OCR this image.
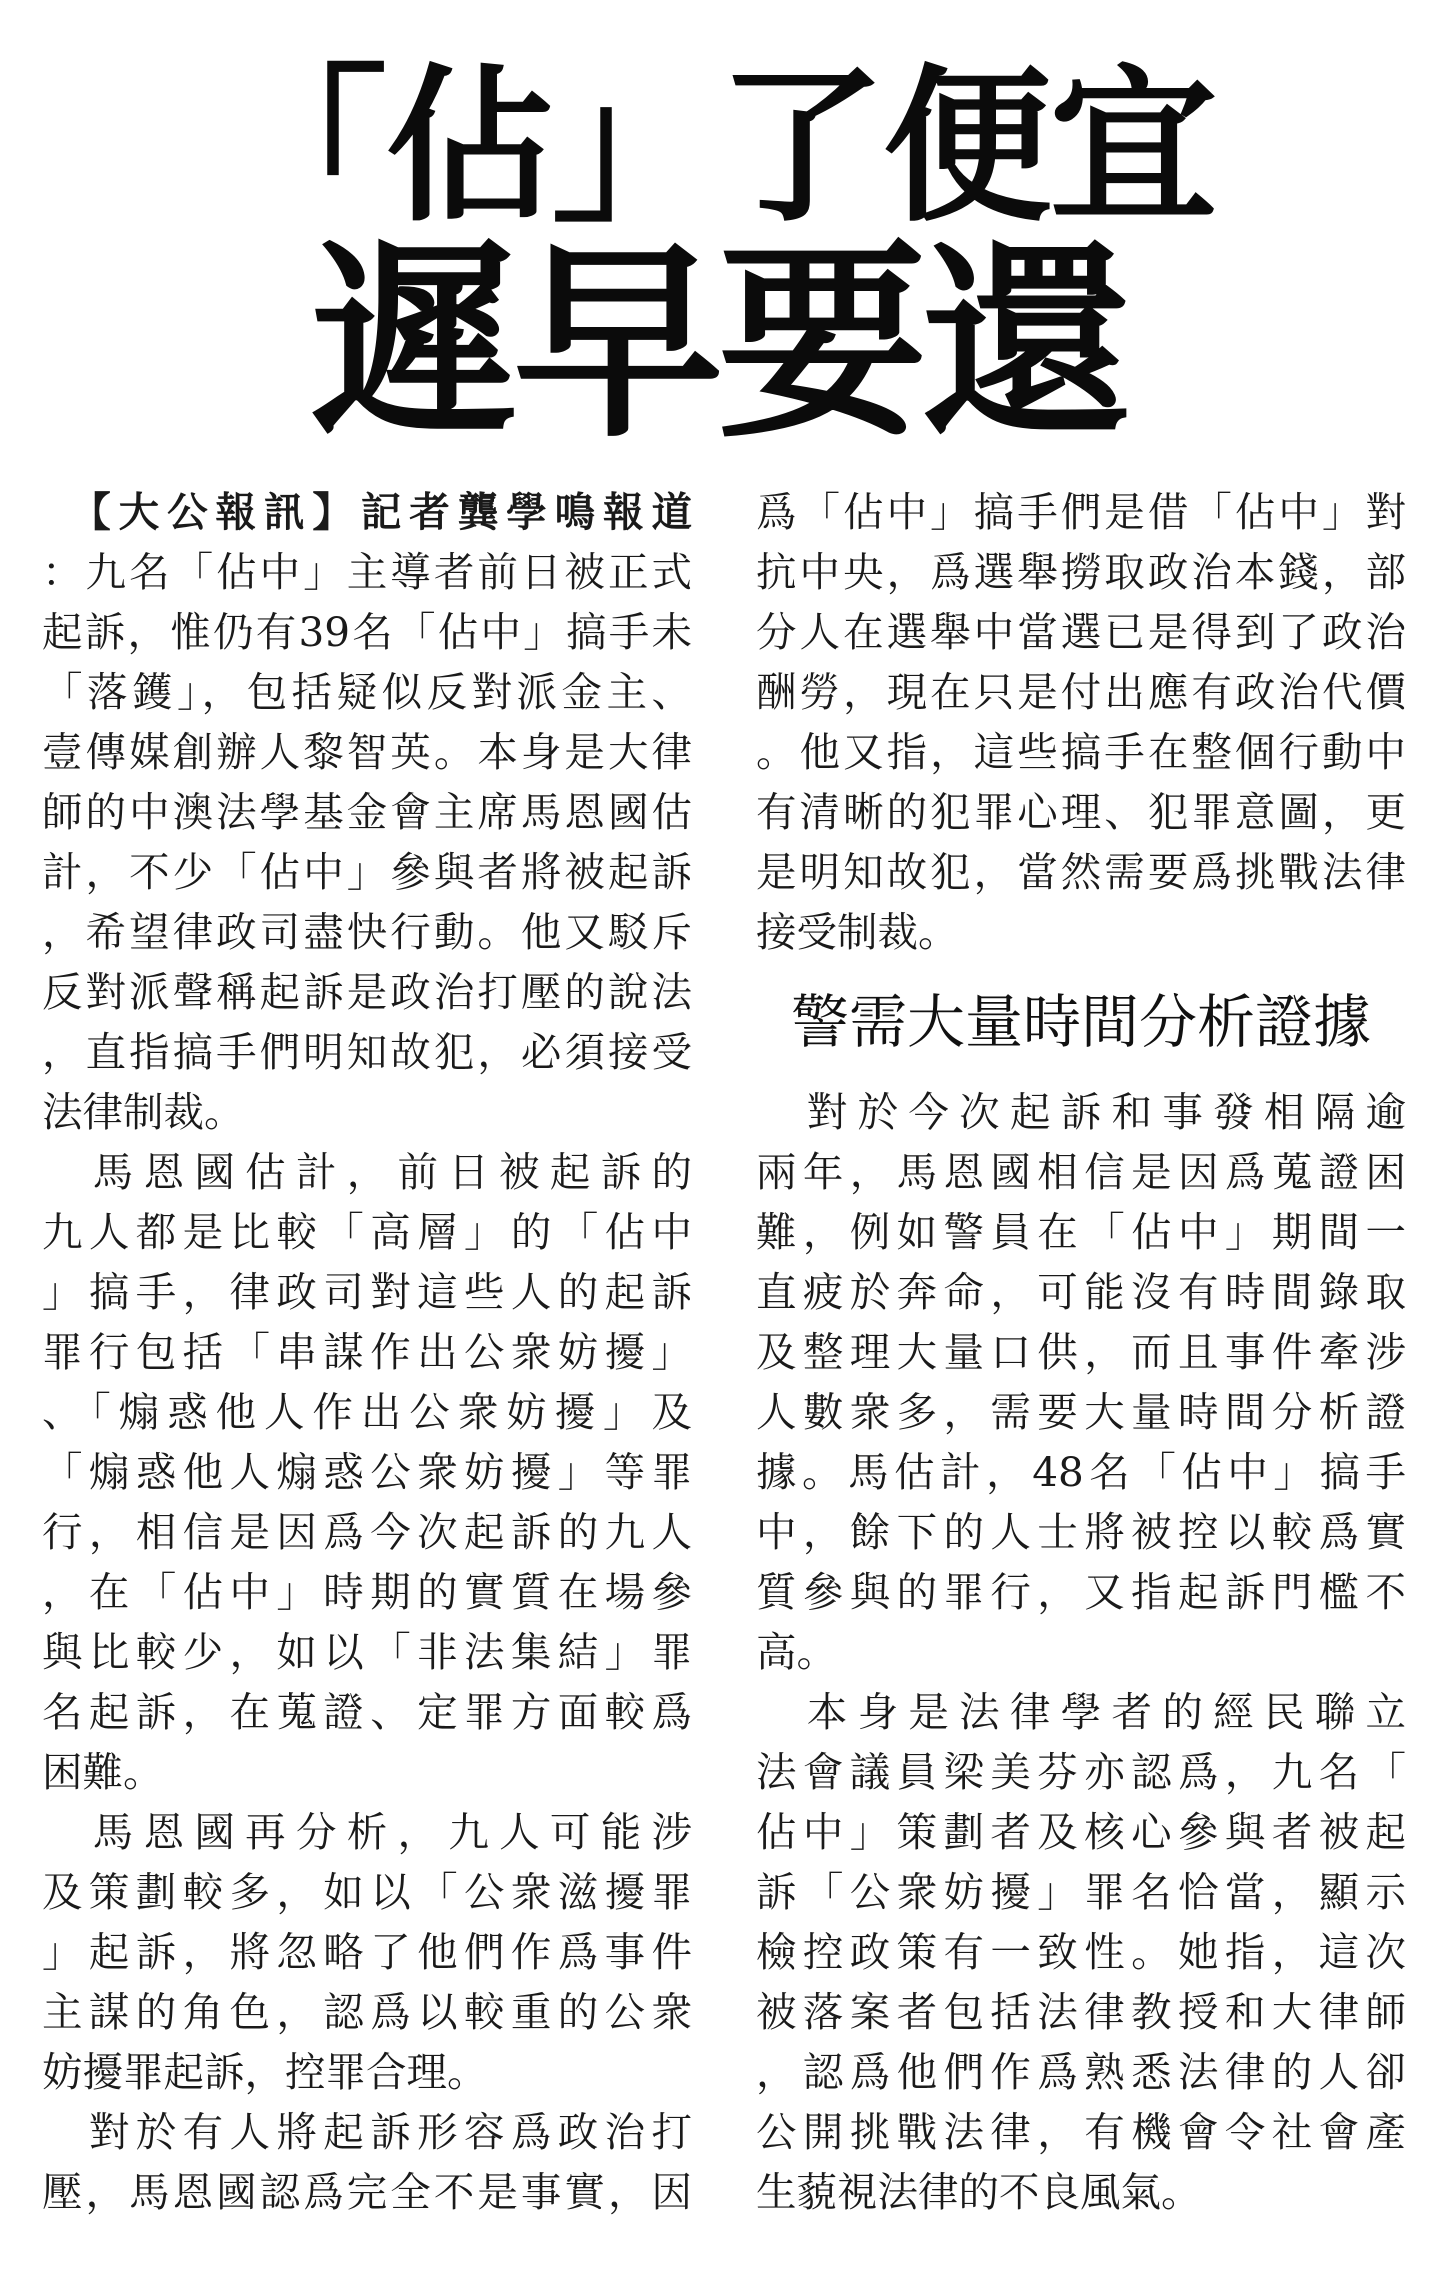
「佔」了便宜
遲早要還
　【大公報訊】記者龔學鳴報道
：九名「佔中」主導者前日被正式
起訴，惟仍有39名「佔中」搞手未
「落鑊」，包括疑似反對派金主、
壹傳媒創辦人黎智英。本身是大律
師的中澳法學基金會主席馬恩國估
計，不少「佔中」參與者將被起訴
，希望律政司盡快行動。他又駁斥
反對派聲稱起訴是政治打壓的說法
，直指搞手們明知故犯，必須接受
法律制裁。
　馬恩國估計，前日被起訴的
九人都是比較「高層」的「佔中
」搞手，律政司對這些人的起訴
罪行包括「串謀作出公衆妨擾」
、「煽惑他人作出公衆妨擾」及
「煽惑他人煽惑公衆妨擾」等罪
行，相信是因爲今次起訴的九人
，在「佔中」時期的實質在場參
與比較少，如以「非法集結」罪
名起訴，在蒐證、定罪方面較爲
困難。
　馬恩國再分析，九人可能涉
及策劃較多，如以「公衆滋擾罪
」起訴，將忽略了他們作爲事件
主謀的角色，認爲以較重的公衆
妨擾罪起訴，控罪合理。
　對於有人將起訴形容爲政治打
壓，馬恩國認爲完全不是事實，因
爲「佔中」搞手們是借「佔中」對
抗中央，爲選舉撈取政治本錢，部
分人在選舉中當選已是得到了政治
酬勞，現在只是付出應有政治代價
。他又指，這些搞手在整個行動中
有清晰的犯罪心理、犯罪意圖，更
是明知故犯，當然需要爲挑戰法律
接受制裁。
警需大量時間分析證據
　對於今次起訴和事發相隔逾
兩年，馬恩國相信是因爲蒐證困
難，例如警員在「佔中」期間一
直疲於奔命，可能沒有時間錄取
及整理大量口供，而且事件牽涉
人數衆多，需要大量時間分析證
據。馬估計，48名「佔中」搞手
中，餘下的人士將被控以較爲實
質參與的罪行，又指起訴門檻不
高。
　本身是法律學者的經民聯立
法會議員梁美芬亦認爲，九名「
佔中」策劃者及核心參與者被起
訴「公衆妨擾」罪名恰當，顯示
檢控政策有一致性。她指，這次
被落案者包括法律教授和大律師
，認爲他們作爲熟悉法律的人卻
公開挑戰法律，有機會令社會產
生藐視法律的不良風氣。
